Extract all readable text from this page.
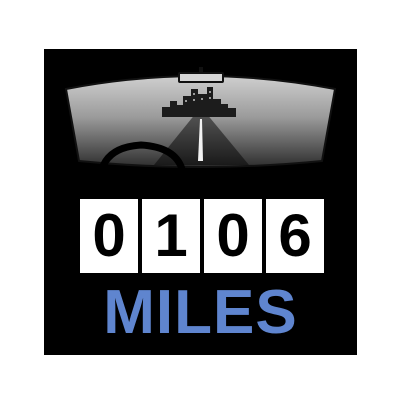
0 1 0 6
MILES
